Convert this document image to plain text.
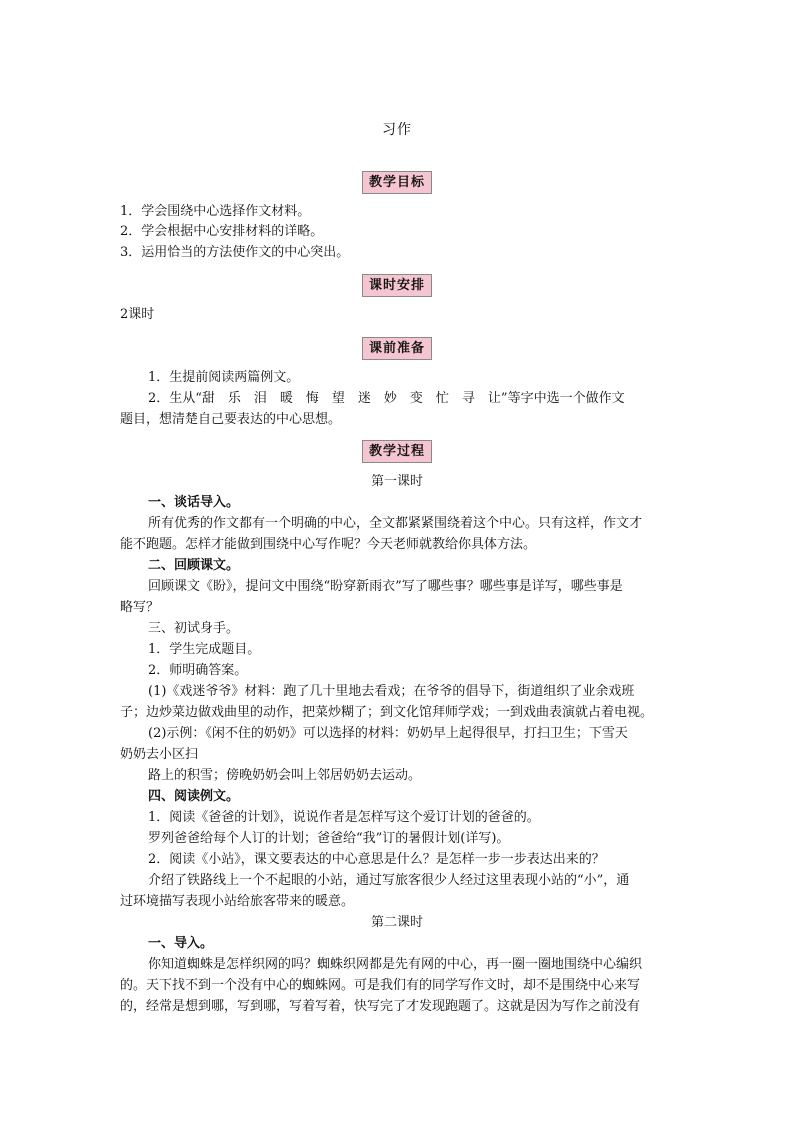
习作
教学目标
1．学会围绕中心选择作文材料。
2．学会根据中心安排材料的详略。
3．运用恰当的方法使作文的中心突出。
课时安排
2课时
课前准备
1．生提前阅读两篇例文。
2．生从“甜　乐　泪　暖　悔　望　迷　妙　变　忙　寻　让”等字中选一个做作文
题目，想清楚自己要表达的中心思想。
教学过程
第一课时
一、谈话导入。
所有优秀的作文都有一个明确的中心，全文都紧紧围绕着这个中心。只有这样，作文才
能不跑题。怎样才能做到围绕中心写作呢？今天老师就教给你具体方法。
二、回顾课文。
回顾课文《盼》，提问文中围绕“盼穿新雨衣”写了哪些事？哪些事是详写，哪些事是
略写？
三、初试身手。
1．学生完成题目。
2．师明确答案。
(1)《戏迷爷爷》材料：跑了几十里地去看戏；在爷爷的倡导下，街道组织了业余戏班
子；边炒菜边做戏曲里的动作，把菜炒糊了；到文化馆拜师学戏；一到戏曲表演就占着电视。
(2)示例：《闲不住的奶奶》可以选择的材料：奶奶早上起得很早，打扫卫生；下雪天
奶奶去小区扫
路上的积雪；傍晚奶奶会叫上邻居奶奶去运动。
四、阅读例文。
1．阅读《爸爸的计划》，说说作者是怎样写这个爱订计划的爸爸的。
罗列爸爸给每个人订的计划；爸爸给“我”订的暑假计划(详写)。
2．阅读《小站》，课文要表达的中心意思是什么？是怎样一步一步表达出来的？
介绍了铁路线上一个不起眼的小站，通过写旅客很少人经过这里表现小站的“小”，通
过环境描写表现小站给旅客带来的暖意。
第二课时
一、导入。
你知道蜘蛛是怎样织网的吗？蜘蛛织网都是先有网的中心，再一圈一圈地围绕中心编织
的。天下找不到一个没有中心的蜘蛛网。可是我们有的同学写作文时，却不是围绕中心来写
的，经常是想到哪，写到哪，写着写着，快写完了才发现跑题了。这就是因为写作之前没有
